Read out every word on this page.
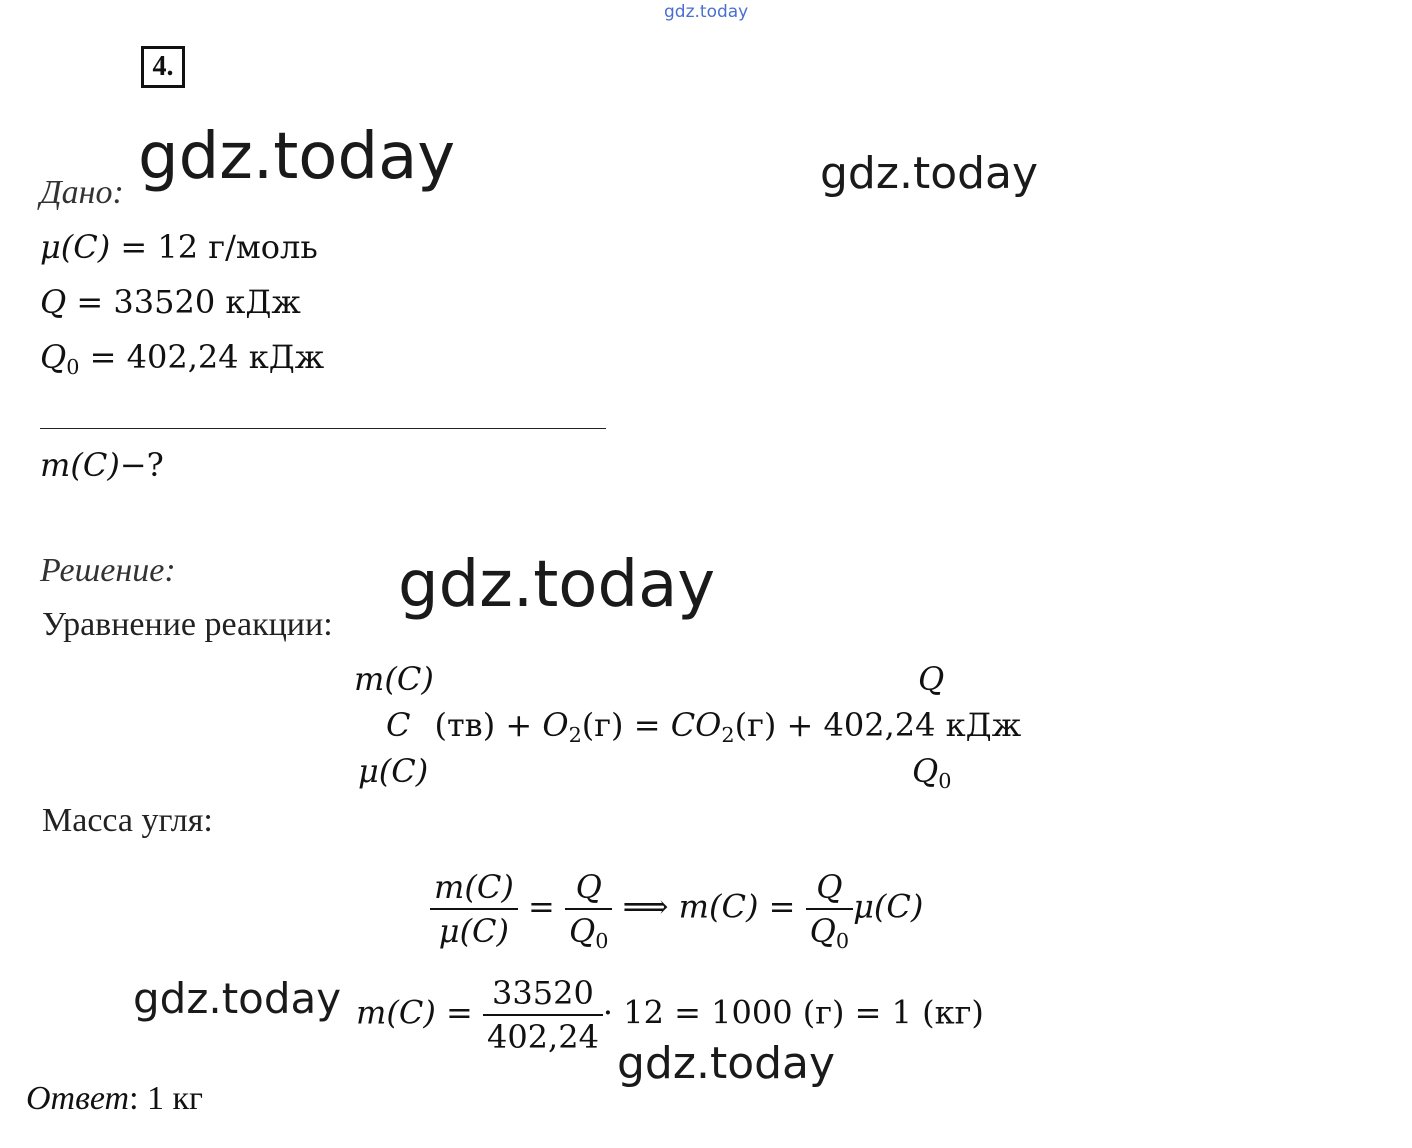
gdz.today
gdz.today	gdz.today
gdz.today
gdz.today
gdz.today
4.
Дано:
μ(C) = 12 г/моль
Q = 33520 кДж
$Q_0 = 402,24$ кДж
m(C)−?
Решение:
Уравнение реакции:
m(C)	Q
C $(тв) + O_2(г) = CO_2(г) + 402,24$ кДж
μ(C)	$Q_0$
Масса угля:
$\frac{m(C)}{\mu(C)} = \frac{Q}{Q_0}$ ⟹ $m(C) = \frac{Q}{Q_0} \mu(C)$
$m(C) = \frac{33520}{402,24} \cdot 12 = 1000$ (г) = 1 (кг)
Ответ: 1 кг
